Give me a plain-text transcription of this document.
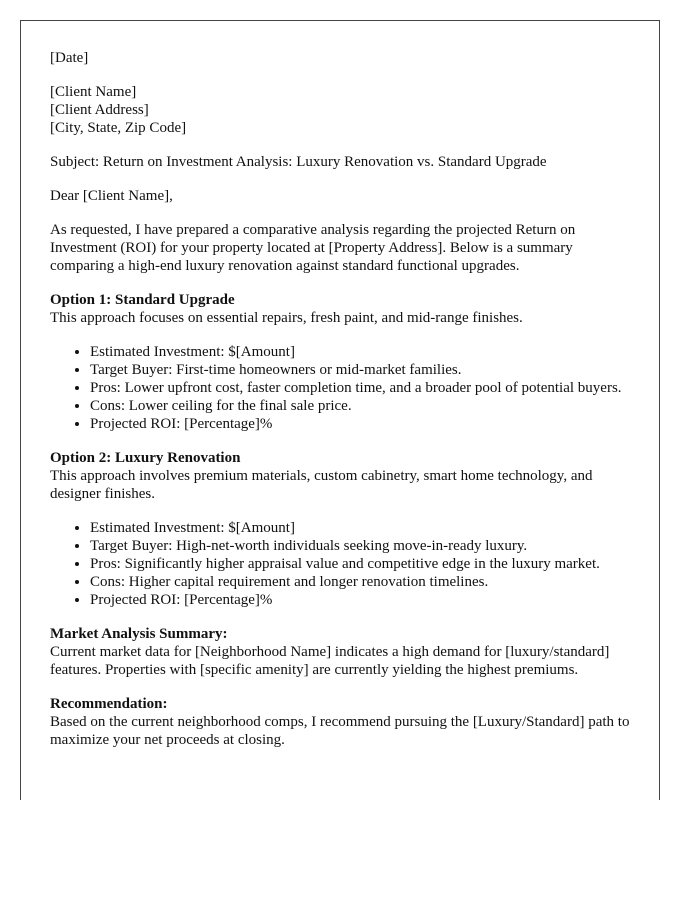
[Date]

[Client Name]

[Client Address]

[City, State, Zip Code]

Subject: Return on Investment Analysis: Luxury Renovation vs. Standard Upgrade

Dear [Client Name],

As requested, I have prepared a comparative analysis regarding the projected Return on Investment (ROI) for your property located at [Property Address]. Below is a summary comparing a high-end luxury renovation against standard functional upgrades.

Option 1: Standard Upgrade

This approach focuses on essential repairs, fresh paint, and mid-range finishes.

• Estimated Investment: $[Amount]
• Target Buyer: First-time homeowners or mid-market families.
• Pros: Lower upfront cost, faster completion time, and a broader pool of potential buyers.
• Cons: Lower ceiling for the final sale price.
• Projected ROI: [Percentage]%
Option 2: Luxury Renovation

This approach involves premium materials, custom cabinetry, smart home technology, and designer finishes.

• Estimated Investment: $[Amount]
• Target Buyer: High-net-worth individuals seeking move-in-ready luxury.
• Pros: Significantly higher appraisal value and competitive edge in the luxury market.
• Cons: Higher capital requirement and longer renovation timelines.
• Projected ROI: [Percentage]%
Market Analysis Summary:

Current market data for [Neighborhood Name] indicates a high demand for [luxury/standard] features. Properties with [specific amenity] are currently yielding the highest premiums.

Recommendation:

Based on the current neighborhood comps, I recommend pursuing the [Luxury/Standard] path to maximize your net proceeds at closing.
